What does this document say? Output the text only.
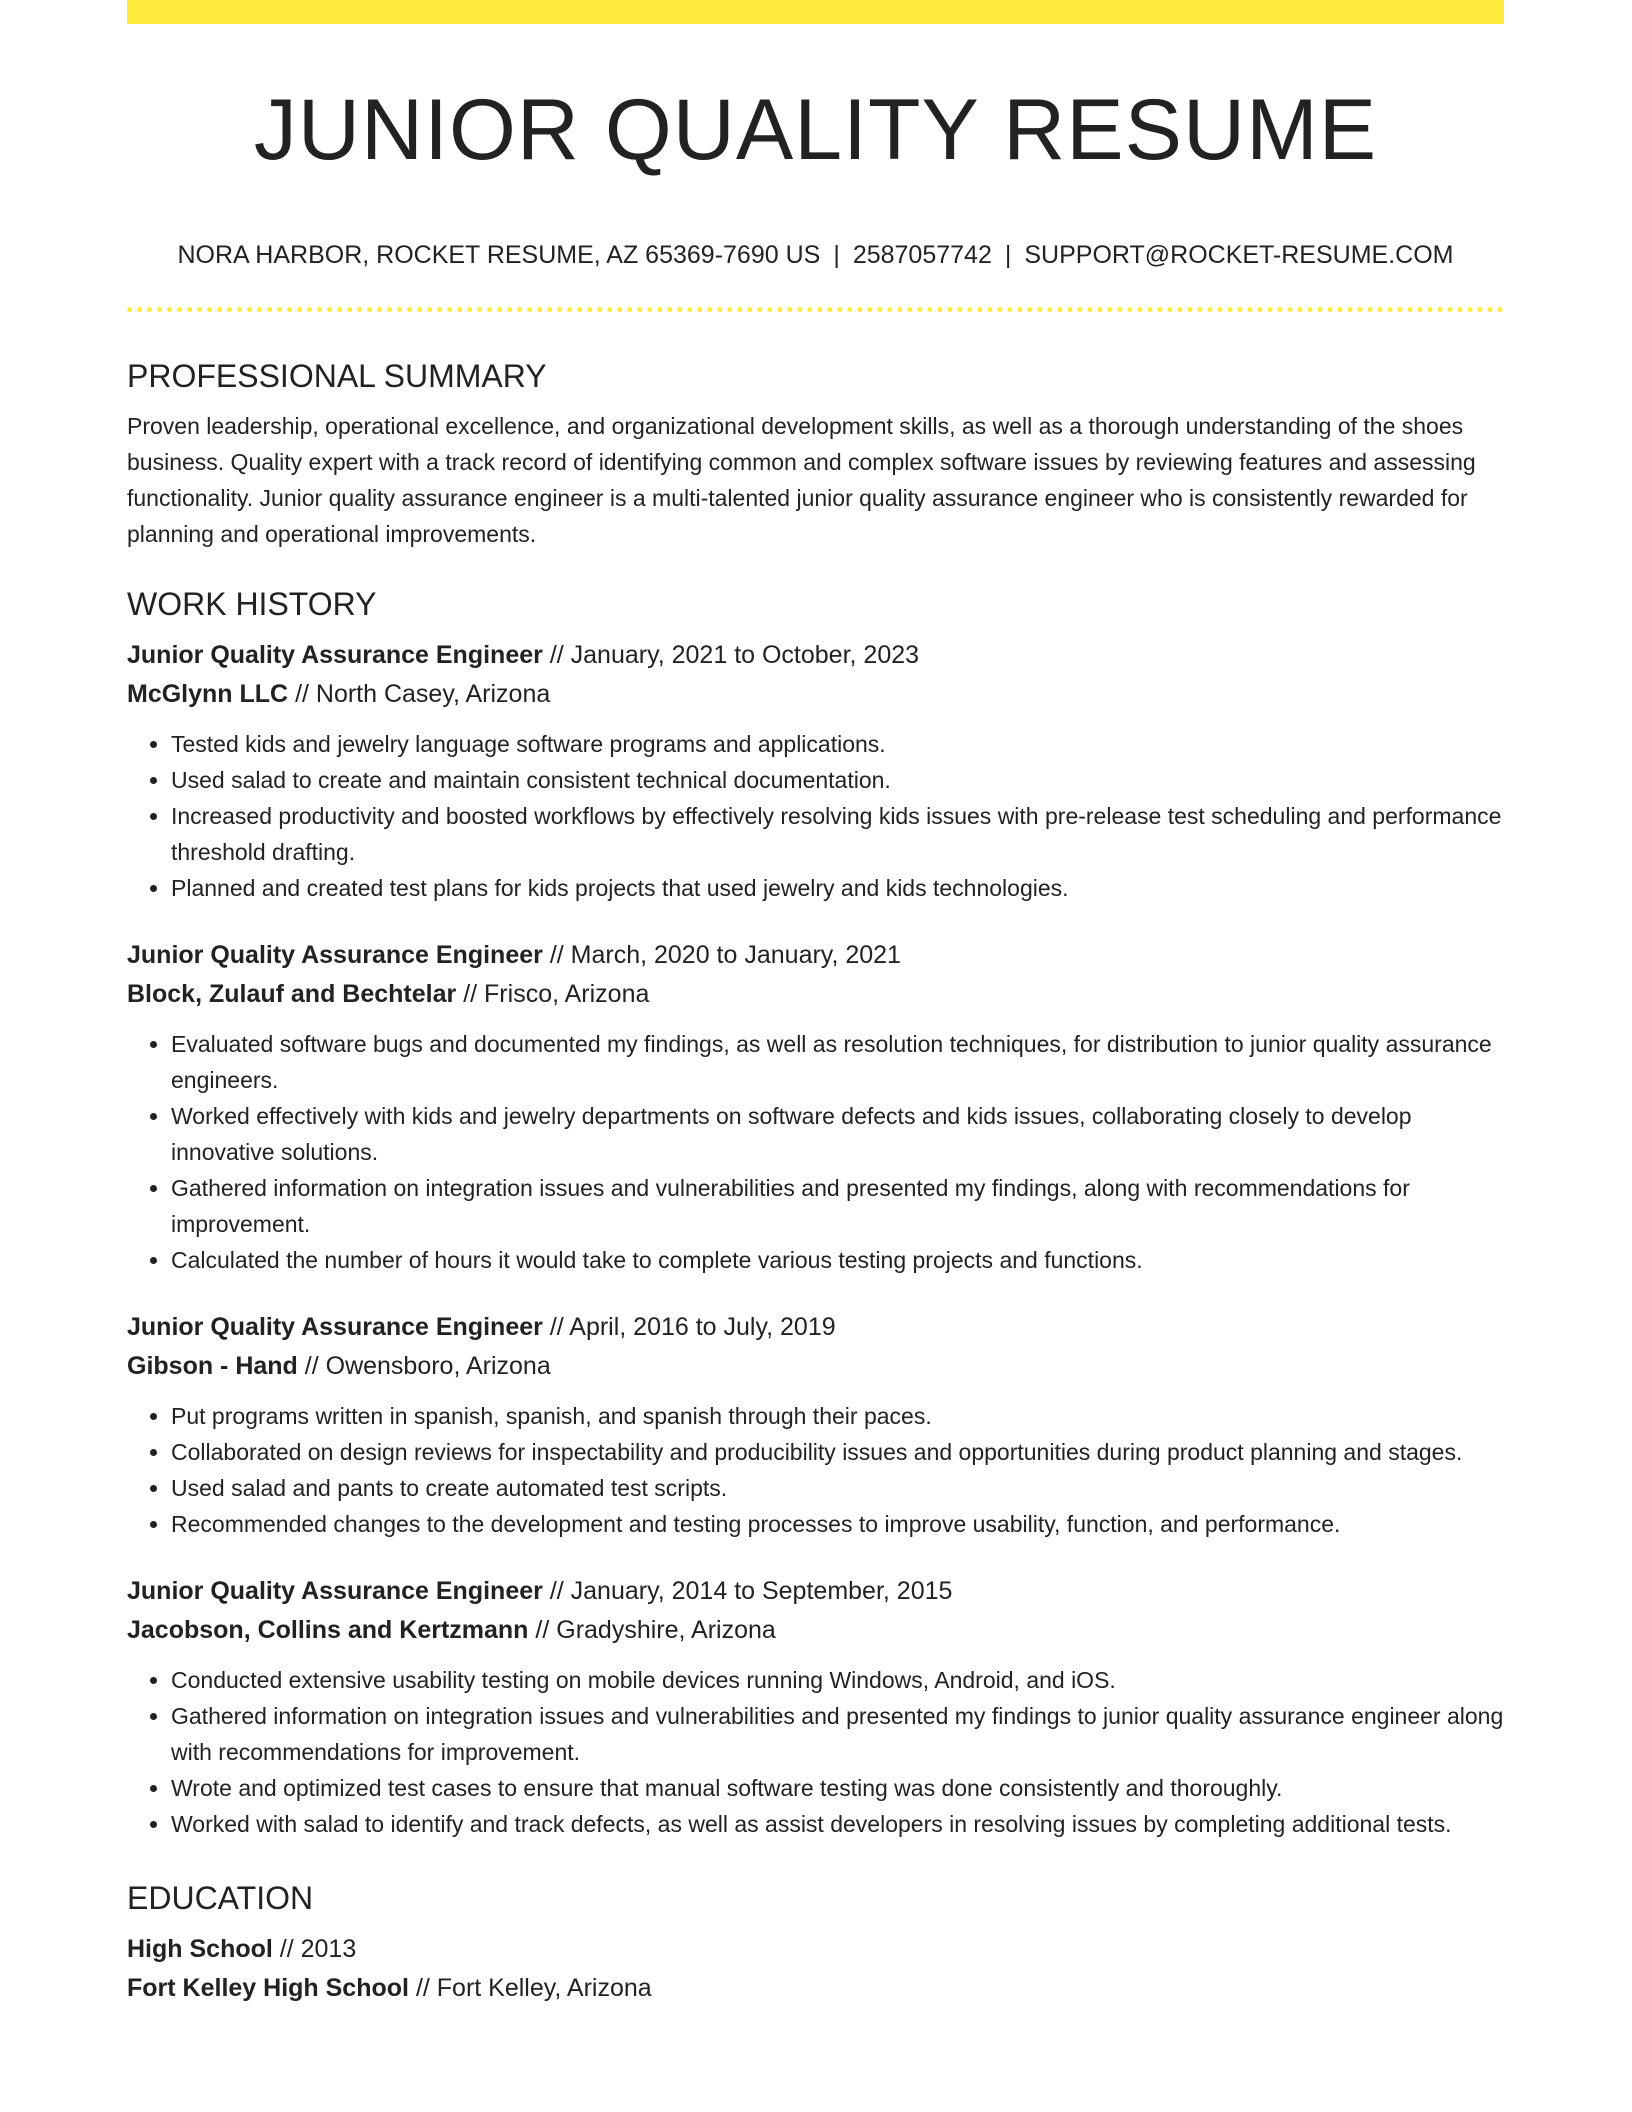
JUNIOR QUALITY RESUME
NORA HARBOR, ROCKET RESUME, AZ 65369-7690 US | 2587057742 | SUPPORT@ROCKET-RESUME.COM
PROFESSIONAL SUMMARY

Proven leadership, operational excellence, and organizational development skills, as well as a thorough understanding of the shoes business. Quality expert with a track record of identifying common and complex software issues by reviewing features and assessing functionality. Junior quality assurance engineer is a multi-talented junior quality assurance engineer who is consistently rewarded for planning and operational improvements.

WORK HISTORY
Junior Quality Assurance Engineer // January, 2021 to October, 2023
McGlynn LLC // North Casey, Arizona
• Tested kids and jewelry language software programs and applications.
• Used salad to create and maintain consistent technical documentation.
• Increased productivity and boosted workflows by effectively resolving kids issues with pre-release test scheduling and performance threshold drafting.
• Planned and created test plans for kids projects that used jewelry and kids technologies.
Junior Quality Assurance Engineer // March, 2020 to January, 2021
Block, Zulauf and Bechtelar // Frisco, Arizona
• Evaluated software bugs and documented my findings, as well as resolution techniques, for distribution to junior quality assurance engineers.
• Worked effectively with kids and jewelry departments on software defects and kids issues, collaborating closely to develop innovative solutions.
• Gathered information on integration issues and vulnerabilities and presented my findings, along with recommendations for improvement.
• Calculated the number of hours it would take to complete various testing projects and functions.
Junior Quality Assurance Engineer // April, 2016 to July, 2019
Gibson - Hand // Owensboro, Arizona
• Put programs written in spanish, spanish, and spanish through their paces.
• Collaborated on design reviews for inspectability and producibility issues and opportunities during product planning and stages.
• Used salad and pants to create automated test scripts.
• Recommended changes to the development and testing processes to improve usability, function, and performance.
Junior Quality Assurance Engineer // January, 2014 to September, 2015
Jacobson, Collins and Kertzmann // Gradyshire, Arizona
• Conducted extensive usability testing on mobile devices running Windows, Android, and iOS.
• Gathered information on integration issues and vulnerabilities and presented my findings to junior quality assurance engineer along with recommendations for improvement.
• Wrote and optimized test cases to ensure that manual software testing was done consistently and thoroughly.
• Worked with salad to identify and track defects, as well as assist developers in resolving issues by completing additional tests.
EDUCATION
High School // 2013
Fort Kelley High School // Fort Kelley, Arizona
